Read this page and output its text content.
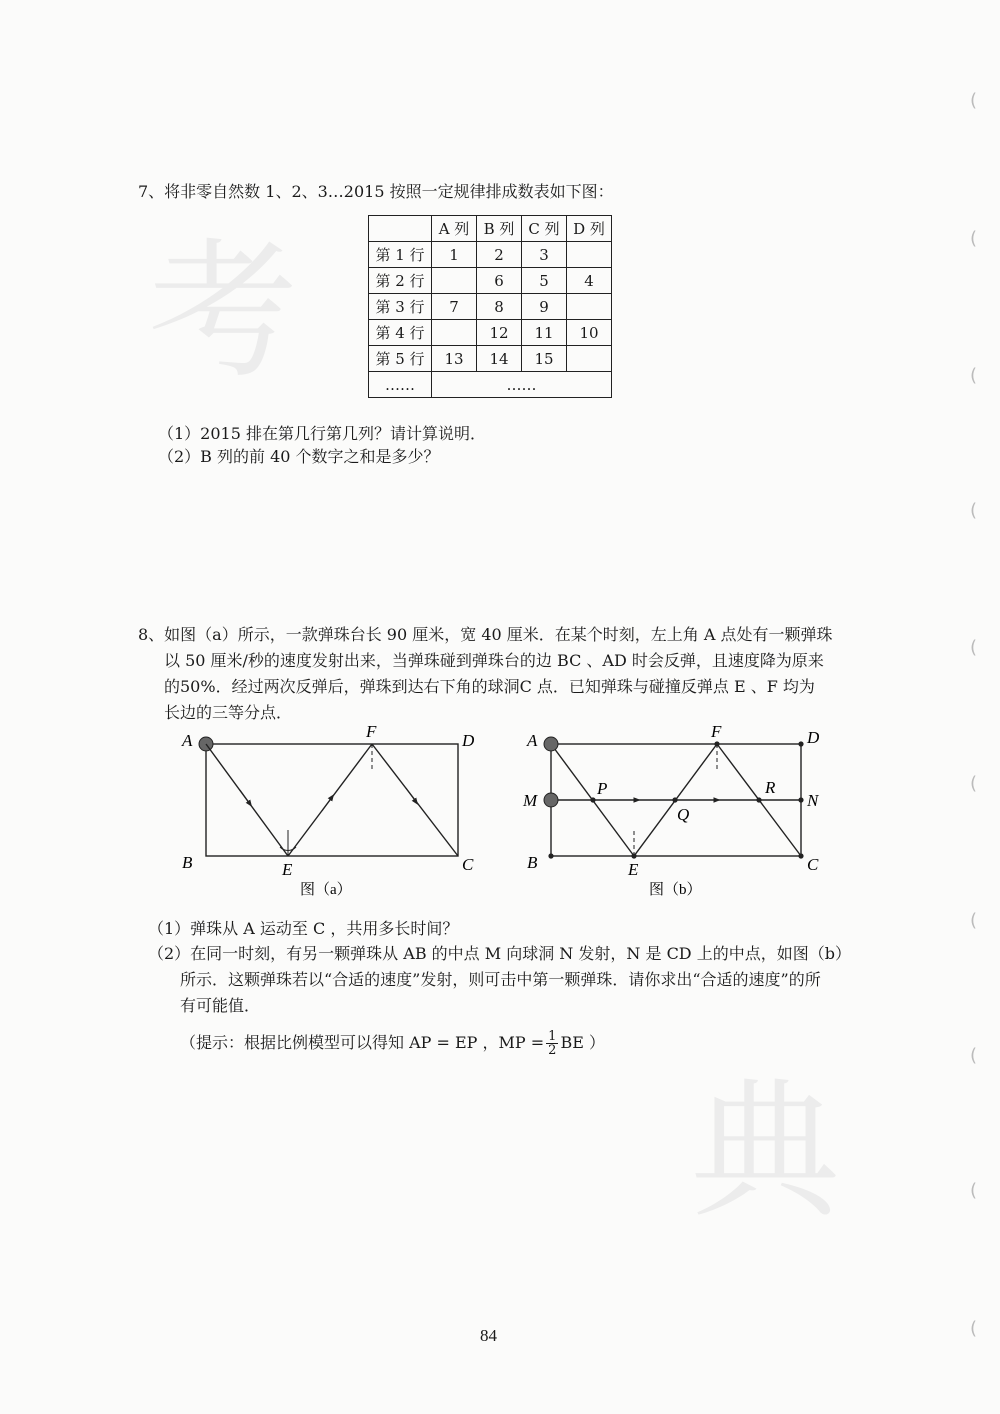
考
典
(
(
(
(
(
(
(
(
(
(
7、将非零自然数 1、2、3…2015 按照一定规律排成数表如下图：
	A 列	B 列	C 列	D 列
第 1 行	1	2	3	
第 2 行		6	5	4
第 3 行	7	8	9	
第 4 行		12	11	10
第 5 行	13	14	15	
……	……			
（1）2015 排在第几行第几列？请计算说明．
（2）B 列的前 40 个数字之和是多少？
8、如图（a）所示，一款弹珠台长 90 厘米，宽 40 厘米．在某个时刻，左上角 A 点处有一颗弹珠
以 50 厘米/秒的速度发射出来，当弹珠碰到弹珠台的边 BC 、AD 时会反弹，且速度降为原来
的50%．经过两次反弹后，弹珠到达右下角的球洞C 点．已知弹珠与碰撞反弹点 E 、F 均为
长边的三等分点．
A
B	C
D
E
F
图（a）
A
M
B	C
D
N
E
F
P
Q
R
图（b）
（1）弹珠从 A 运动至 C ，共用多长时间？
（2）在同一时刻，有另一颗弹珠从 AB 的中点 M 向球洞 N 发射，N 是 CD 上的中点，如图（b）
所示．这颗弹珠若以“合适的速度”发射，则可击中第一颗弹珠．请你求出“合适的速度”的所
有可能值．
（提示：根据比例模型可以得知 AP = EP ，MP = $\frac{1}{2}$ BE ）
84
